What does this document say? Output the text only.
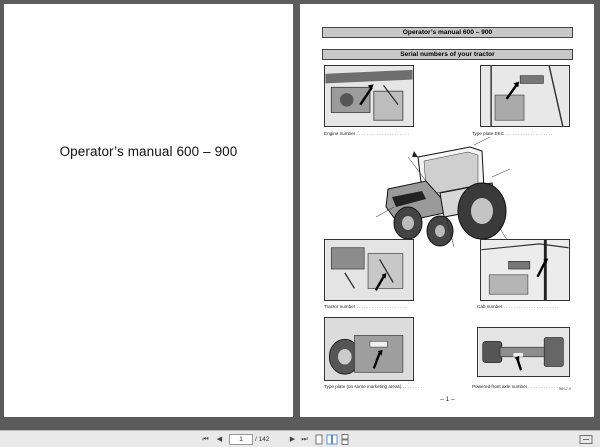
Operator’s manual 600 – 900
Operator’s manual 600 – 900
Serial numbers of your tractor
Engine number . . . . . . . . . . . . . . . . . . . . .	Type plate EEC . . . . . . . . . . . . . . . . . . .
Tractor number . . . . . . . . . . . . . . . . . . . .	Cab number . . . . . . . . . . . . . . . . . . . . . .
Type plate (on some marketing areas) . . . . . . . .	Powered front axle number . . . . . . . . . . . . . .
WH-7-9
– 1 –
⏮	◀
1	/ 142	▶ ⏭
